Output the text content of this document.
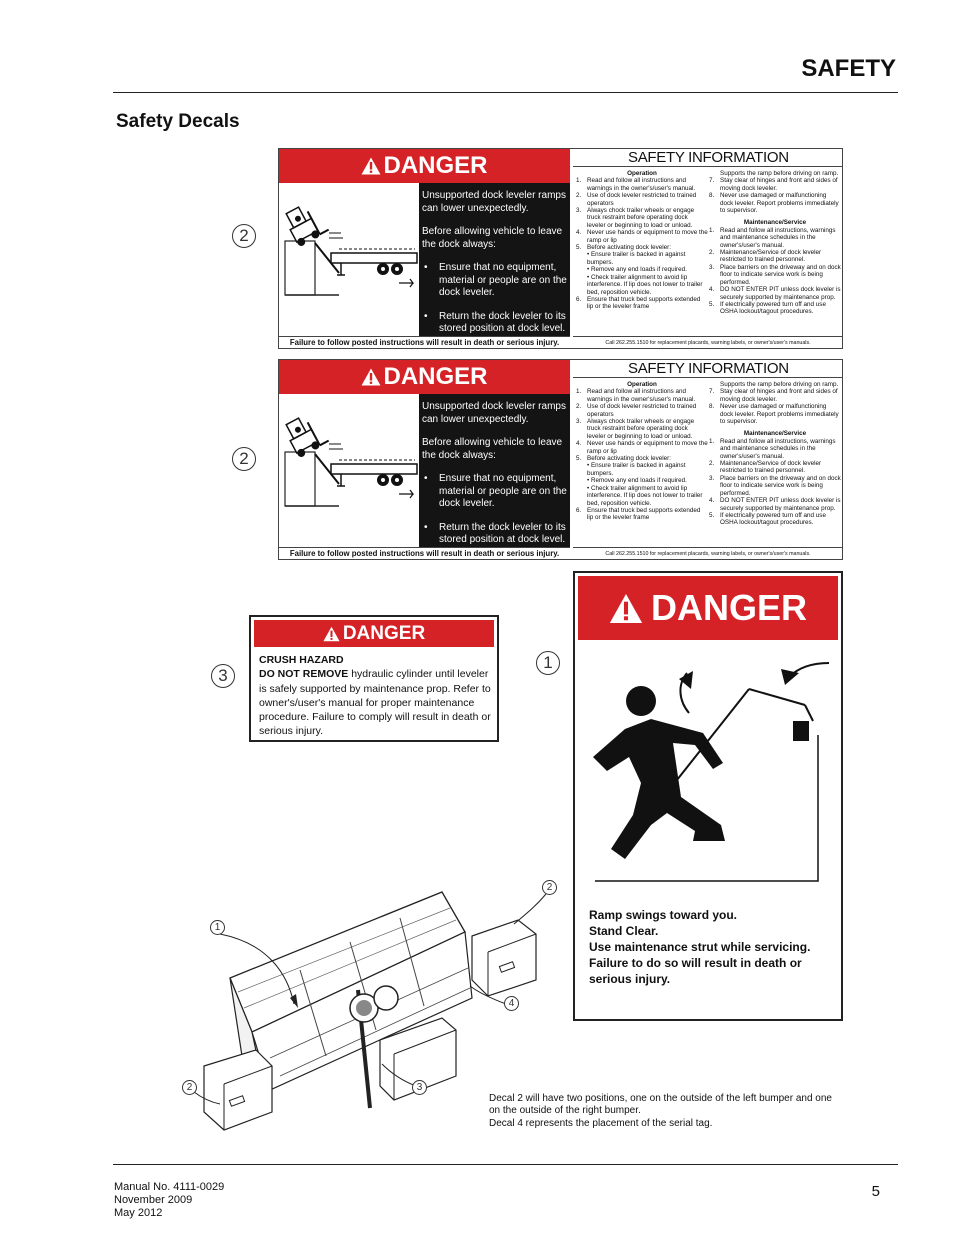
SAFETY
Safety Decals
2
2
3
1
DANGER

Unsupported dock leveler ramps can lower unexpectedly.

Before allowing vehicle to leave the dock always:

• Ensure that no equipment, material or people are on the dock leveler.
• Return the dock leveler to its stored position at dock level.
Failure to follow posted instructions will result in death or serious injury.
SAFETY INFORMATION
Operation
1. Read and follow all instructions and warnings in the owner's/user's manual.
2. Use of dock leveler restricted to trained operators
3. Always chock trailer wheels or engage truck restraint before operating dock leveler or beginning to load or unload.
4. Never use hands or equipment to move the ramp or lip
5. Before activating dock leveler:
• Ensure trailer is backed in against bumpers.
• Remove any end loads if required.
• Check trailer alignment to avoid lip interference. If lip does not lower to trailer bed, reposition vehicle.
6. Ensure that truck bed supports extended lip or the leveler frame
Supports the ramp before driving on ramp.
7. Stay clear of hinges and front and sides of moving dock leveler.
8. Never use damaged or malfunctioning dock leveler. Report problems immediately to supervisor.
Maintenance/Service
1. Read and follow all instructions, warnings and maintenance schedules in the owner's/user's manual.
2. Maintenance/Service of dock leveler restricted to trained personnel.
3. Place barriers on the driveway and on dock floor to indicate service work is being performed.
4. DO NOT ENTER PIT unless dock leveler is securely supported by maintenance prop.
5. If electrically powered turn off and use OSHA lockout/tagout procedures.
Call 262.255.1510 for replacement placards, warning labels, or owner's/user's manuals.
DANGER

Unsupported dock leveler ramps can lower unexpectedly.

Before allowing vehicle to leave the dock always:

• Ensure that no equipment, material or people are on the dock leveler.
• Return the dock leveler to its stored position at dock level.
Failure to follow posted instructions will result in death or serious injury.
SAFETY INFORMATION
Operation
1. Read and follow all instructions and warnings in the owner's/user's manual.
2. Use of dock leveler restricted to trained operators
3. Always chock trailer wheels or engage truck restraint before operating dock leveler or beginning to load or unload.
4. Never use hands or equipment to move the ramp or lip
5. Before activating dock leveler:
• Ensure trailer is backed in against bumpers.
• Remove any end loads if required.
• Check trailer alignment to avoid lip interference. If lip does not lower to trailer bed, reposition vehicle.
6. Ensure that truck bed supports extended lip or the leveler frame
Supports the ramp before driving on ramp.
7. Stay clear of hinges and front and sides of moving dock leveler.
8. Never use damaged or malfunctioning dock leveler. Report problems immediately to supervisor.
Maintenance/Service
1. Read and follow all instructions, warnings and maintenance schedules in the owner's/user's manual.
2. Maintenance/Service of dock leveler restricted to trained personnel.
3. Place barriers on the driveway and on dock floor to indicate service work is being performed.
4. DO NOT ENTER PIT unless dock leveler is securely supported by maintenance prop.
5. If electrically powered turn off and use OSHA lockout/tagout procedures.
Call 262.255.1510 for replacement placards, warning labels, or owner's/user's manuals.
DANGER
CRUSH HAZARD
DO NOT REMOVE hydraulic cylinder until leveler is safely supported by maintenance prop. Refer to owner's/user's manual for proper maintenance procedure. Failure to comply will result in death or serious injury.
DANGER
Ramp swings toward you.
Stand Clear.
Use maintenance strut while servicing.
Failure to do so will result in death or serious injury.
1
2
2	3
4
Decal 2 will have two positions, one on the outside of the left bumper and one on the outside of the right bumper.
Decal 4 represents the placement of the serial tag.
Manual No. 4111-0029
November 2009
May 2012
5
